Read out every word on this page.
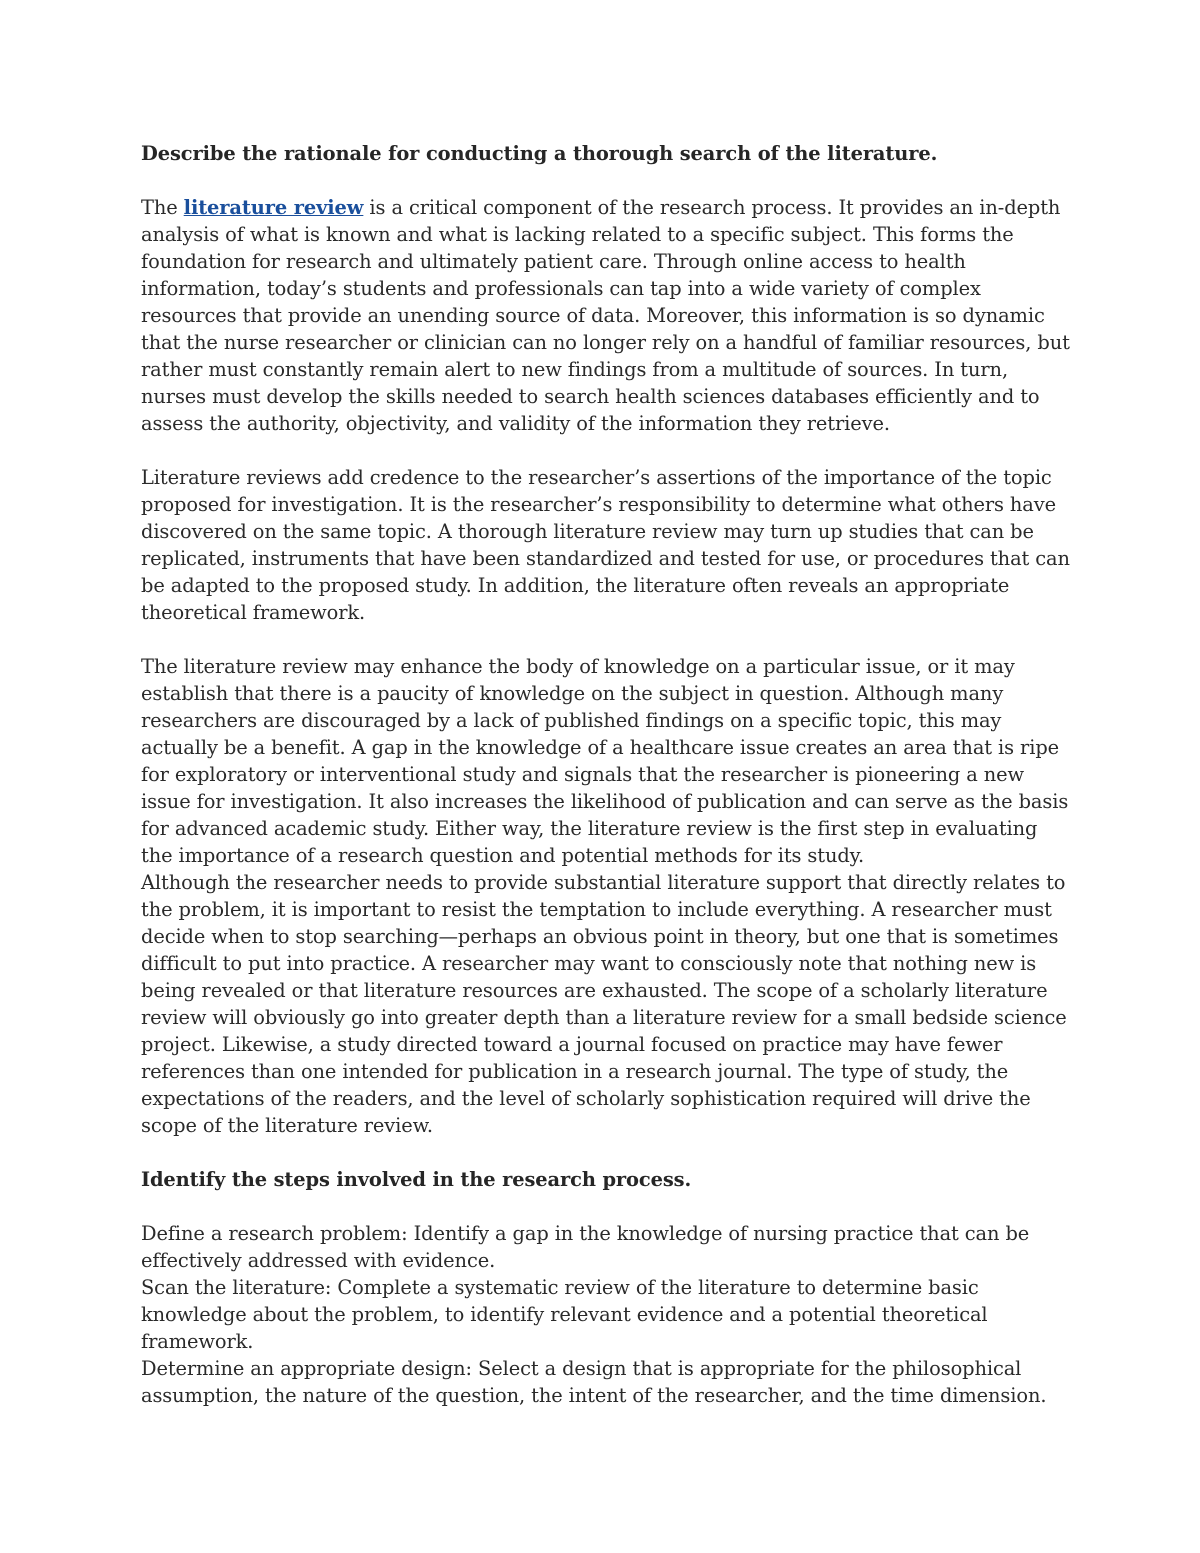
Describe the rationale for conducting a thorough search of the literature.
The literature review is a critical component of the research process. It provides an in-depth analysis of what is known and what is lacking related to a specific subject. This forms the foundation for research and ultimately patient care. Through online access to health information, today’s students and professionals can tap into a wide variety of complex resources that provide an unending source of data. Moreover, this information is so dynamic that the nurse researcher or clinician can no longer rely on a handful of familiar resources, but rather must constantly remain alert to new findings from a multitude of sources. In turn, nurses must develop the skills needed to search health sciences databases efficiently and to assess the authority, objectivity, and validity of the information they retrieve.
Literature reviews add credence to the researcher’s assertions of the importance of the topic proposed for investigation. It is the researcher’s responsibility to determine what others have discovered on the same topic. A thorough literature review may turn up studies that can be replicated, instruments that have been standardized and tested for use, or procedures that can be adapted to the proposed study. In addition, the literature often reveals an appropriate theoretical framework.
The literature review may enhance the body of knowledge on a particular issue, or it may establish that there is a paucity of knowledge on the subject in question. Although many researchers are discouraged by a lack of published findings on a specific topic, this may actually be a benefit. A gap in the knowledge of a healthcare issue creates an area that is ripe for exploratory or interventional study and signals that the researcher is pioneering a new issue for investigation. It also increases the likelihood of publication and can serve as the basis for advanced academic study. Either way, the literature review is the first step in evaluating the importance of a research question and potential methods for its study.
Although the researcher needs to provide substantial literature support that directly relates to the problem, it is important to resist the temptation to include everything. A researcher must decide when to stop searching—perhaps an obvious point in theory, but one that is sometimes difficult to put into practice. A researcher may want to consciously note that nothing new is being revealed or that literature resources are exhausted. The scope of a scholarly literature review will obviously go into greater depth than a literature review for a small bedside science project. Likewise, a study directed toward a journal focused on practice may have fewer references than one intended for publication in a research journal. The type of study, the expectations of the readers, and the level of scholarly sophistication required will drive the scope of the literature review.
Identify the steps involved in the research process.
Define a research problem: Identify a gap in the knowledge of nursing practice that can be effectively addressed with evidence.
Scan the literature: Complete a systematic review of the literature to determine basic knowledge about the problem, to identify relevant evidence and a potential theoretical framework.
Determine an appropriate design: Select a design that is appropriate for the philosophical assumption, the nature of the question, the intent of the researcher, and the time dimension.
